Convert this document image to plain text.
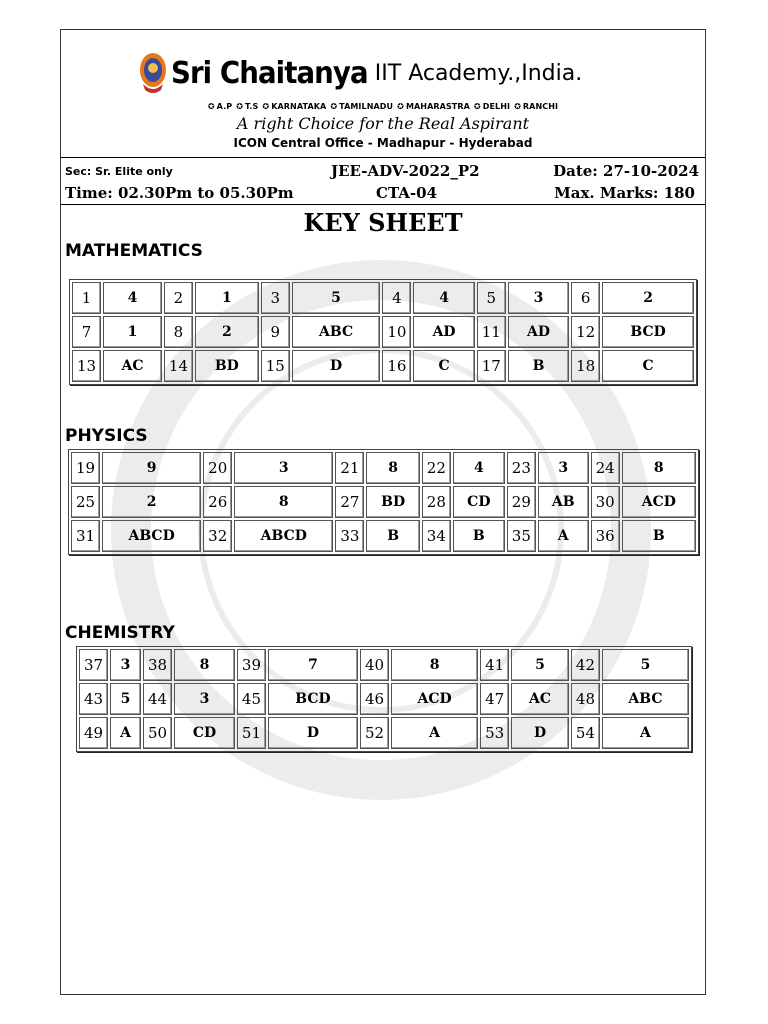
Sri Chaitanya IIT Academy.,India.
✪ A.P ✪ T.S ✪ KARNATAKA ✪ TAMILNADU ✪ MAHARASTRA ✪ DELHI ✪ RANCHI
A right Choice for the Real Aspirant
ICON Central Office - Madhapur - Hyderabad
Sec: Sr. Elite only	JEE-ADV-2022_P2	Date: 27-10-2024
Time: 02.30Pm to 05.30Pm	CTA-04	Max. Marks: 180
KEY SHEET
MATHEMATICS
1	4	2	1	3	5	4	4	5	3	6	2
7	1	8	2	9	ABC	10	AD	11	AD	12	BCD
13	AC	14	BD	15	D	16	C	17	B	18	C
PHYSICS
19	9	20	3	21	8	22	4	23	3	24	8
25	2	26	8	27	BD	28	CD	29	AB	30	ACD
31	ABCD	32	ABCD	33	B	34	B	35	A	36	B
CHEMISTRY
37	3	38	8	39	7	40	8	41	5	42	5
43	5	44	3	45	BCD	46	ACD	47	AC	48	ABC
49	A	50	CD	51	D	52	A	53	D	54	A
